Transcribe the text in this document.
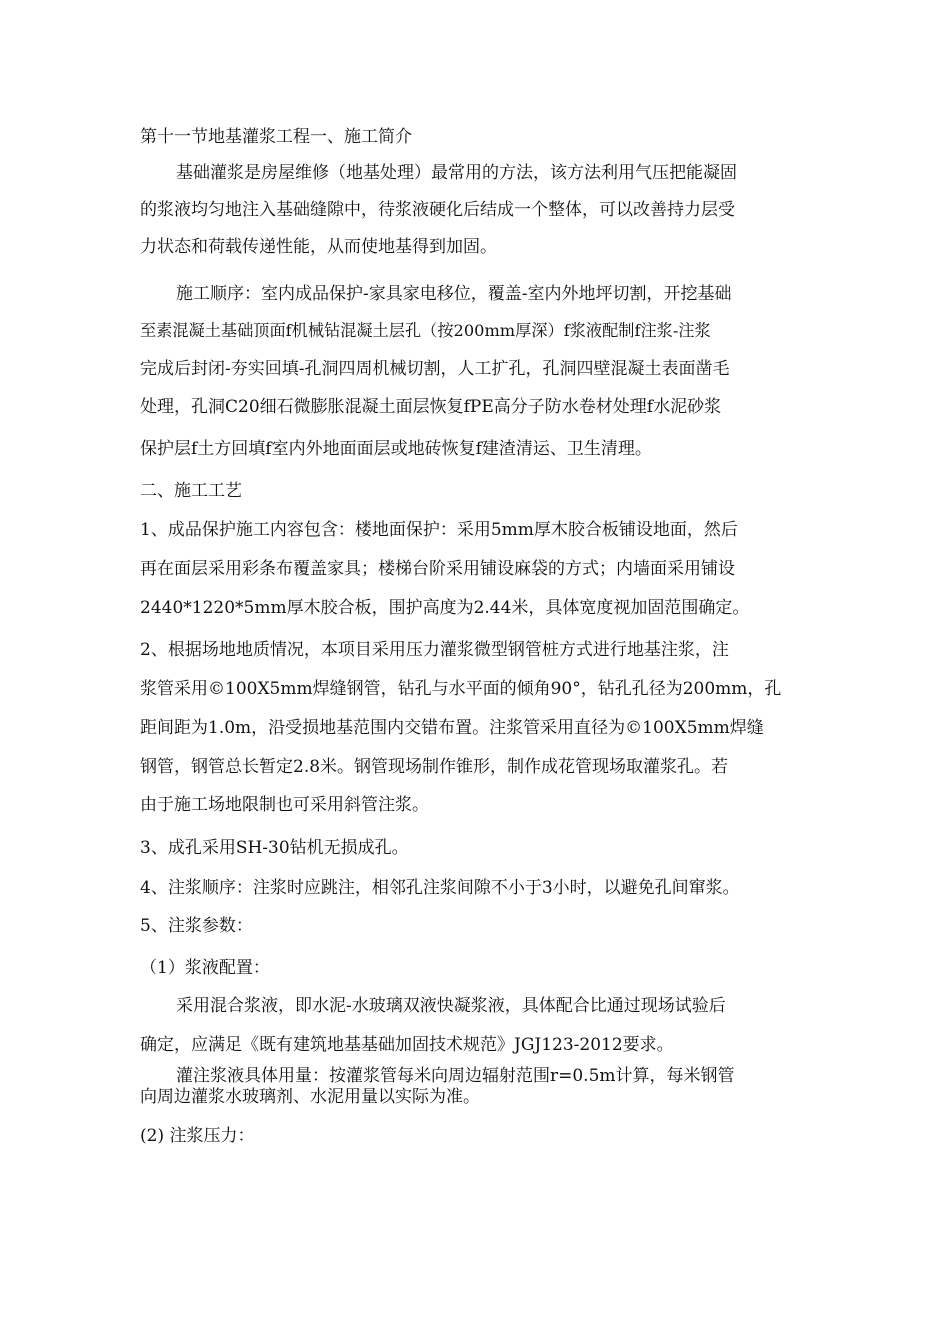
第十一节地基灌浆工程一、施工简介
基础灌浆是房屋维修（地基处理）最常用的方法，该方法利用气压把能凝固
的浆液均匀地注入基础缝隙中，待浆液硬化后结成一个整体，可以改善持力层受
力状态和荷载传递性能，从而使地基得到加固。
施工顺序：室内成品保护-家具家电移位，覆盖-室内外地坪切割，开挖基础
至素混凝土基础顶面f机械钻混凝土层孔（按200mm厚深）f浆液配制f注浆-注浆
完成后封闭-夯实回填-孔洞四周机械切割，人工扩孔，孔洞四壁混凝土表面凿毛
处理，孔洞C20细石微膨胀混凝土面层恢复fPE高分子防水卷材处理f水泥砂浆
保护层f土方回填f室内外地面面层或地砖恢复f建渣清运、卫生清理。
二、施工工艺
1、成品保护施工内容包含：楼地面保护：采用5mm厚木胶合板铺设地面，然后
再在面层采用彩条布覆盖家具；楼梯台阶采用铺设麻袋的方式；内墙面采用铺设
2440*1220*5mm厚木胶合板，围护高度为2.44米，具体宽度视加固范围确定。
2、根据场地地质情况，本项目采用压力灌浆微型钢管桩方式进行地基注浆，注
浆管采用©100X5mm焊缝钢管，钻孔与水平面的倾角90°，钻孔孔径为200mm，孔
距间距为1.0m，沿受损地基范围内交错布置。注浆管采用直径为©100X5mm焊缝
钢管，钢管总长暂定2.8米。钢管现场制作锥形，制作成花管现场取灌浆孔。若
由于施工场地限制也可采用斜管注浆。
3、成孔采用SH-30钻机无损成孔。
4、注浆顺序：注浆时应跳注，相邻孔注浆间隙不小于3小时，以避免孔间窜浆。
5、注浆参数：
（1）浆液配置：
采用混合浆液，即水泥-水玻璃双液快凝浆液，具体配合比通过现场试验后
确定，应满足《既有建筑地基基础加固技术规范》JGJ123-2012要求。
灌注浆液具体用量：按灌浆管每米向周边辐射范围r=0.5m计算，每米钢管
向周边灌浆水玻璃剂、水泥用量以实际为准。
(2) 注浆压力：
